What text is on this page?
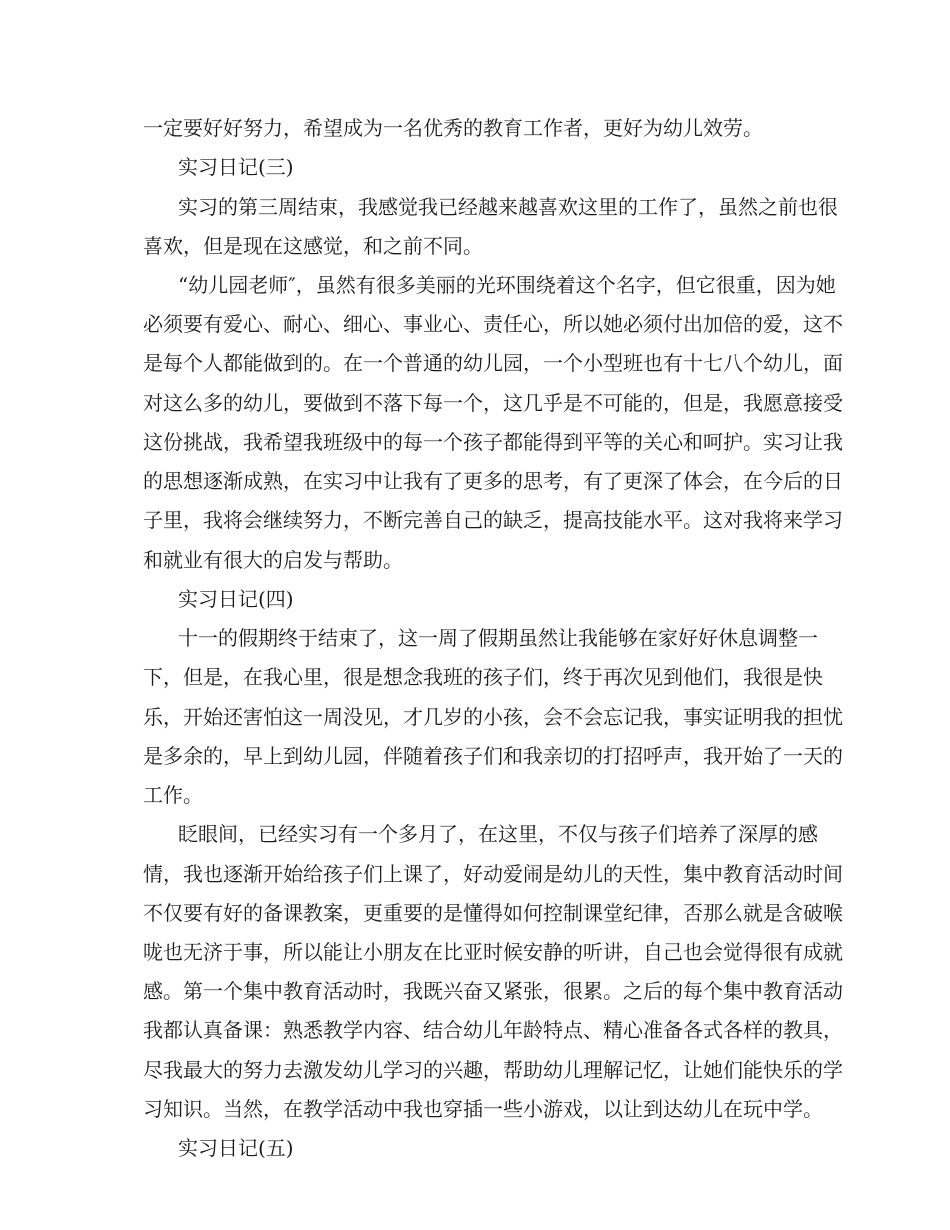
一定要好好努力，希望成为一名优秀的教育工作者，更好为幼儿效劳。
实习日记(三)
实习的第三周结束，我感觉我已经越来越喜欢这里的工作了，虽然之前也很
喜欢，但是现在这感觉，和之前不同。
“幼儿园老师″，虽然有很多美丽的光环围绕着这个名字，但它很重，因为她
必须要有爱心、耐心、细心、事业心、责任心，所以她必须付出加倍的爱，这不
是每个人都能做到的。在一个普通的幼儿园，一个小型班也有十七八个幼儿，面
对这么多的幼儿，要做到不落下每一个，这几乎是不可能的，但是，我愿意接受
这份挑战，我希望我班级中的每一个孩子都能得到平等的关心和呵护。实习让我
的思想逐渐成熟，在实习中让我有了更多的思考，有了更深了体会，在今后的日
子里，我将会继续努力，不断完善自己的缺乏，提高技能水平。这对我将来学习
和就业有很大的启发与帮助。
实习日记(四)
十一的假期终于结束了，这一周了假期虽然让我能够在家好好休息调整一
下，但是，在我心里，很是想念我班的孩子们，终于再次见到他们，我很是快
乐，开始还害怕这一周没见，才几岁的小孩，会不会忘记我，事实证明我的担忧
是多余的，早上到幼儿园，伴随着孩子们和我亲切的打招呼声，我开始了一天的
工作。
眨眼间，已经实习有一个多月了，在这里，不仅与孩子们培养了深厚的感
情，我也逐渐开始给孩子们上课了，好动爱闹是幼儿的天性，集中教育活动时间
不仅要有好的备课教案，更重要的是懂得如何控制课堂纪律，否那么就是含破喉
咙也无济于事，所以能让小朋友在比亚时候安静的听讲，自己也会觉得很有成就
感。第一个集中教育活动时，我既兴奋又紧张，很累。之后的每个集中教育活动
我都认真备课：熟悉教学内容、结合幼儿年龄特点、精心准备各式各样的教具，
尽我最大的努力去激发幼儿学习的兴趣，帮助幼儿理解记忆，让她们能快乐的学
习知识。当然，在教学活动中我也穿插一些小游戏，以让到达幼儿在玩中学。
实习日记(五)
